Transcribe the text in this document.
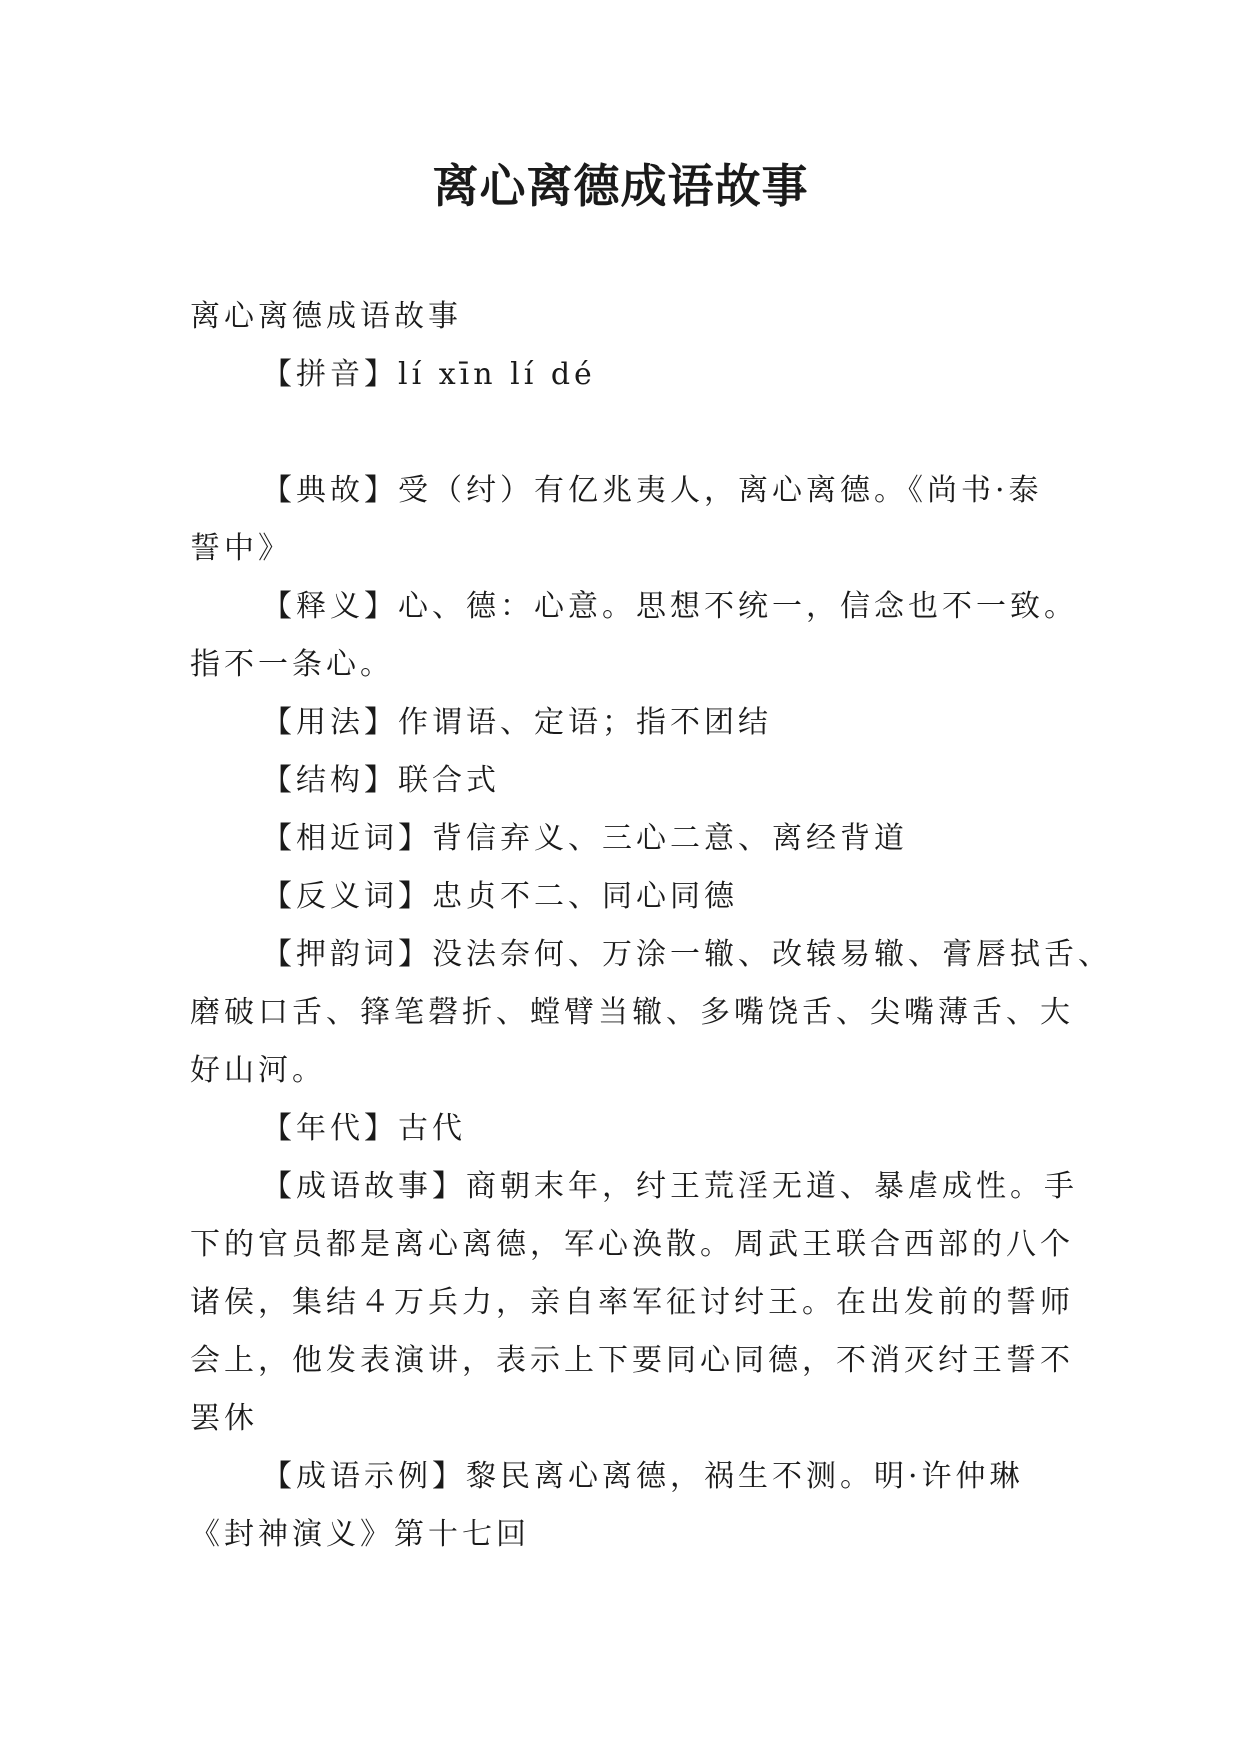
离心离德成语故事

离心离德成语故事

【拼音】lí xīn lí dé

【典故】受（纣）有亿兆夷人，离心离德。《尚书·泰

誓中》

【释义】心、德：心意。思想不统一，信念也不一致。

指不一条心。

【用法】作谓语、定语；指不团结

【结构】联合式

【相近词】背信弃义、三心二意、离经背道

【反义词】忠贞不二、同心同德

【押韵词】没法奈何、万涂一辙、改辕易辙、膏唇拭舌、

磨破口舌、箨笔磬折、螳臂当辙、多嘴饶舌、尖嘴薄舌、大

好山河。

【年代】古代

【成语故事】商朝末年，纣王荒淫无道、暴虐成性。手

下的官员都是离心离德，军心涣散。周武王联合西部的八个

诸侯，集结４万兵力，亲自率军征讨纣王。在出发前的誓师

会上，他发表演讲，表示上下要同心同德，不消灭纣王誓不

罢休

【成语示例】黎民离心离德，祸生不测。明·许仲琳

《封神演义》第十七回
